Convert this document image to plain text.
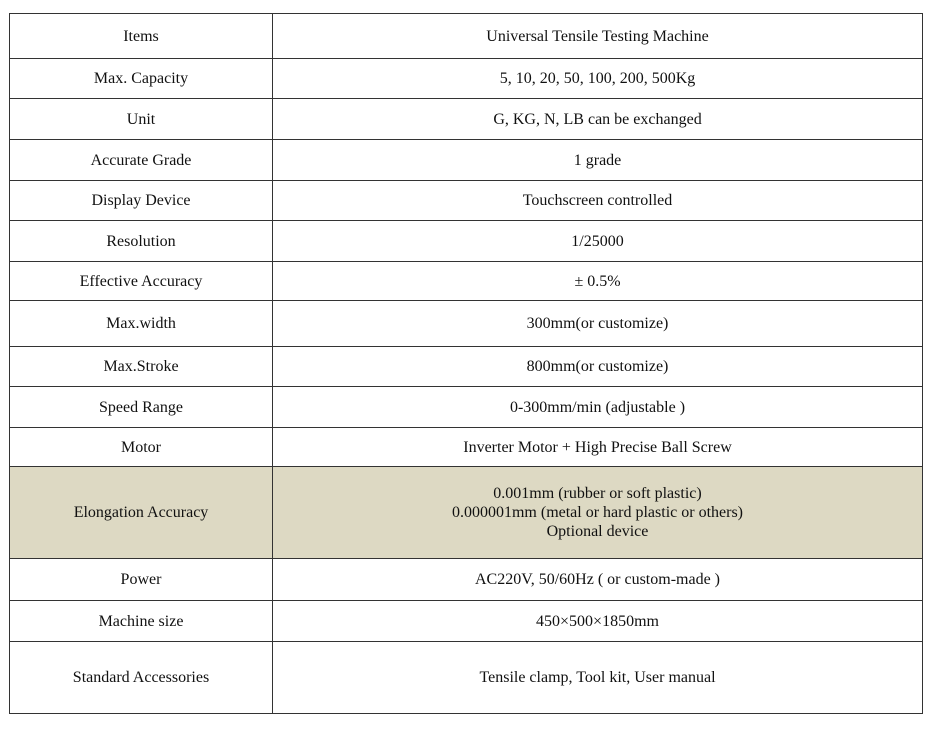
Items	Universal Tensile Testing Machine
Max. Capacity	5, 10, 20, 50, 100, 200, 500Kg
Unit	G, KG, N, LB can be exchanged
Accurate Grade	1 grade
Display Device	Touchscreen controlled
Resolution	1/25000
Effective Accuracy	± 0.5%
Max.width	300mm(or customize)
Max.Stroke	800mm(or customize)
Speed Range	0-300mm/min (adjustable )
Motor	Inverter Motor + High Precise Ball Screw
Elongation Accuracy	0.001mm (rubber or soft plastic)
0.000001mm (metal or hard plastic or others)
Optional device

Power	AC220V, 50/60Hz ( or custom-made )
Machine size	450×500×1850mm
Standard Accessories	Tensile clamp, Tool kit, User manual
